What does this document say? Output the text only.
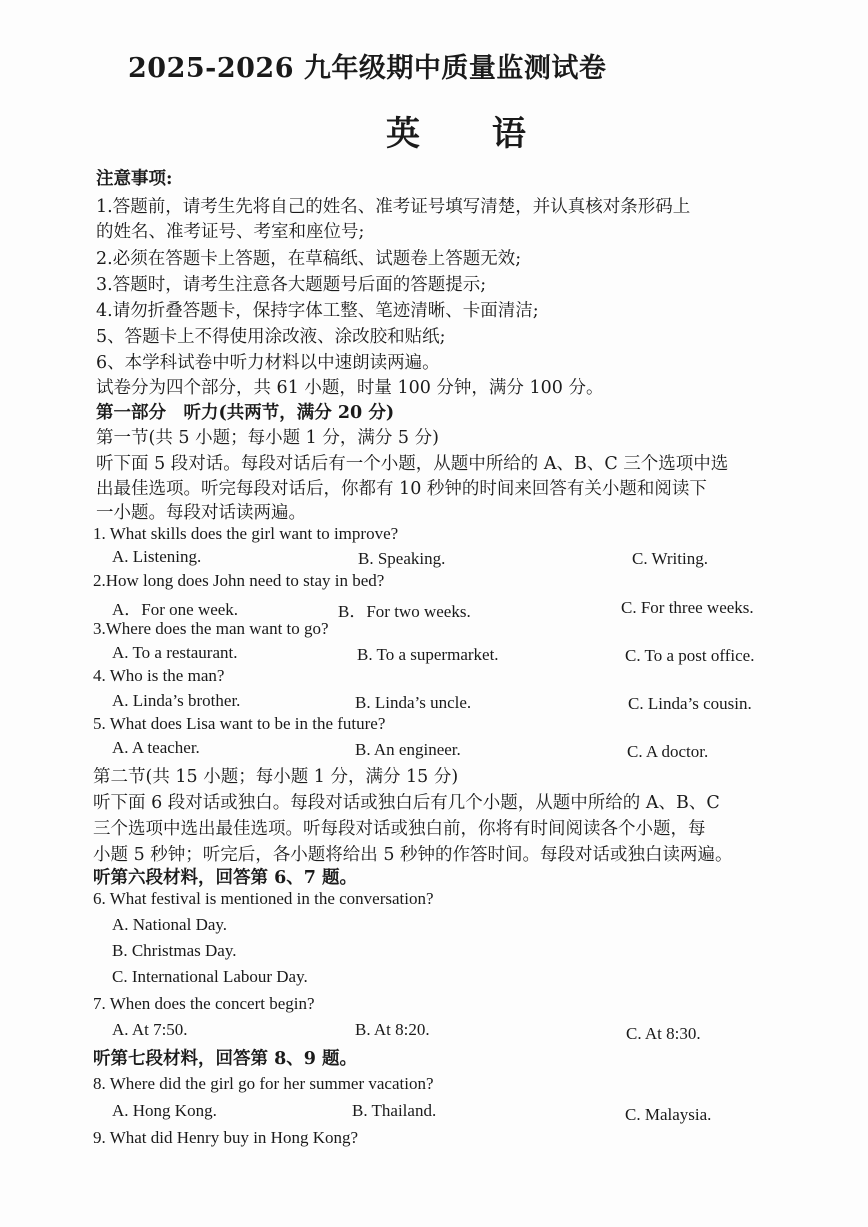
2025-2026 九年级期中质量监测试卷
英 语
注意事项:
1.答题前，请考生先将自己的姓名、准考证号填写清楚，并认真核对条形码上
的姓名、准考证号、考室和座位号;
2.必须在答题卡上答题，在草稿纸、试题卷上答题无效;
3.答题时，请考生注意各大题题号后面的答题提示;
4.请勿折叠答题卡，保持字体工整、笔迹清晰、卡面清洁;
5、答题卡上不得使用涂改液、涂改胶和贴纸;
6、本学科试卷中听力材料以中速朗读两遍。
试卷分为四个部分，共 61 小题，时量 100 分钟，满分 100 分。
第一部分　听力(共两节，满分 20 分)
第一节(共 5 小题；每小题 1 分，满分 5 分)
听下面 5 段对话。每段对话后有一个小题，从题中所给的 A、B、C 三个选项中选
出最佳选项。听完每段对话后，你都有 10 秒钟的时间来回答有关小题和阅读下
一小题。每段对话读两遍。
1. What skills does the girl want to improve?
A. Listening.	B. Speaking.	C. Writing.
2.How long does John need to stay in bed?
A．For one week.	B．For two weeks.	C. For three weeks.
3.Where does the man want to go?
A. To a restaurant.	B. To a supermarket.	C. To a post office.
4. Who is the man?
A. Linda’s brother.	B. Linda’s uncle.	C. Linda’s cousin.
5. What does Lisa want to be in the future?
A. A teacher.	B. An engineer.	C. A doctor.
第二节(共 15 小题；每小题 1 分，满分 15 分)
听下面 6 段对话或独白。每段对话或独白后有几个小题，从题中所给的 A、B、C
三个选项中选出最佳选项。听每段对话或独白前，你将有时间阅读各个小题，每
小题 5 秒钟；听完后，各小题将给出 5 秒钟的作答时间。每段对话或独白读两遍。
听第六段材料，回答第 6、7 题。
6. What festival is mentioned in the conversation?
A. National Day.
B. Christmas Day.
C. International Labour Day.
7. When does the concert begin?
A. At 7:50.	B. At 8:20.	C. At 8:30.
听第七段材料，回答第 8、9 题。
8. Where did the girl go for her summer vacation?
A. Hong Kong.	B. Thailand.	C. Malaysia.
9. What did Henry buy in Hong Kong?
